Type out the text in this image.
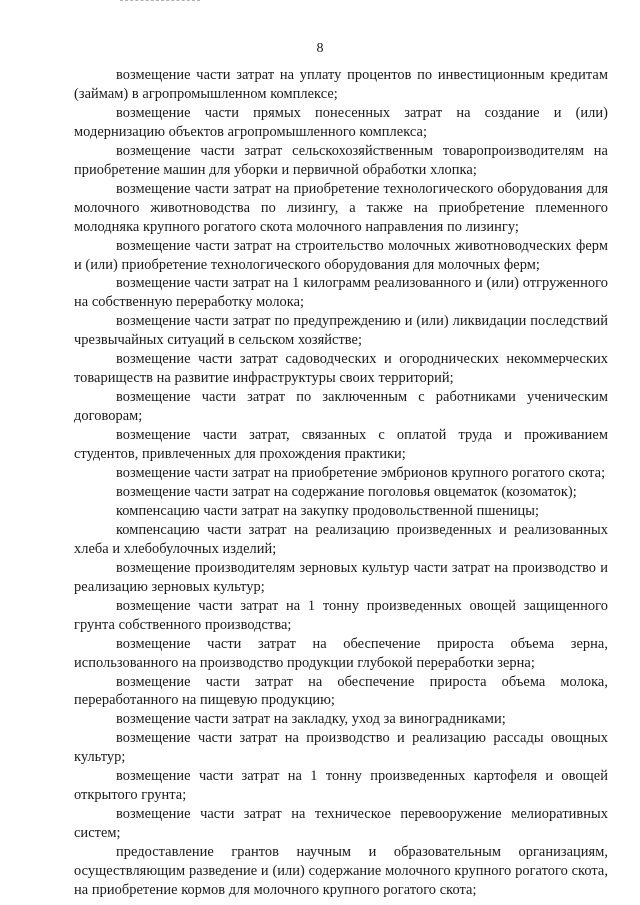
8

возмещение части затрат на уплату процентов по инвестиционным кредитам (займам) в агропромышленном комплексе;

возмещение части прямых понесенных затрат на создание и (или) модернизацию объектов агропромышленного комплекса;

возмещение части затрат сельскохозяйственным товаропроизводителям на приобретение машин для уборки и первичной обработки хлопка;

возмещение части затрат на приобретение технологического оборудования для молочного животноводства по лизингу, а также на приобретение племенного молодняка крупного рогатого скота молочного направления по лизингу;

возмещение части затрат на строительство молочных животноводческих ферм и (или) приобретение технологического оборудования для молочных ферм;

возмещение части затрат на 1 килограмм реализованного и (или) отгруженного на собственную переработку молока;

возмещение части затрат по предупреждению и (или) ликвидации последствий чрезвычайных ситуаций в сельском хозяйстве;

возмещение части затрат садоводческих и огороднических некоммерческих товариществ на развитие инфраструктуры своих территорий;

возмещение части затрат по заключенным с работниками ученическим договорам;

возмещение части затрат, связанных с оплатой труда и проживанием студентов, привлеченных для прохождения практики;

возмещение части затрат на приобретение эмбрионов крупного рогатого скота;

возмещение части затрат на содержание поголовья овцематок (козоматок);

компенсацию части затрат на закупку продовольственной пшеницы;

компенсацию части затрат на реализацию произведенных и реализованных хлеба и хлебобулочных изделий;

возмещение производителям зерновых культур части затрат на производство и реализацию зерновых культур;

возмещение части затрат на 1 тонну произведенных овощей защищенного грунта собственного производства;

возмещение части затрат на обеспечение прироста объема зерна, использованного на производство продукции глубокой переработки зерна;

возмещение части затрат на обеспечение прироста объема молока, переработанного на пищевую продукцию;

возмещение части затрат на закладку, уход за виноградниками;

возмещение части затрат на производство и реализацию рассады овощных культур;

возмещение части затрат на 1 тонну произведенных картофеля и овощей открытого грунта;

возмещение части затрат на техническое перевооружение мелиоративных систем;

предоставление грантов научным и образовательным организациям, осуществляющим разведение и (или) содержание молочного крупного рогатого скота, на приобретение кормов для молочного крупного рогатого скота;
